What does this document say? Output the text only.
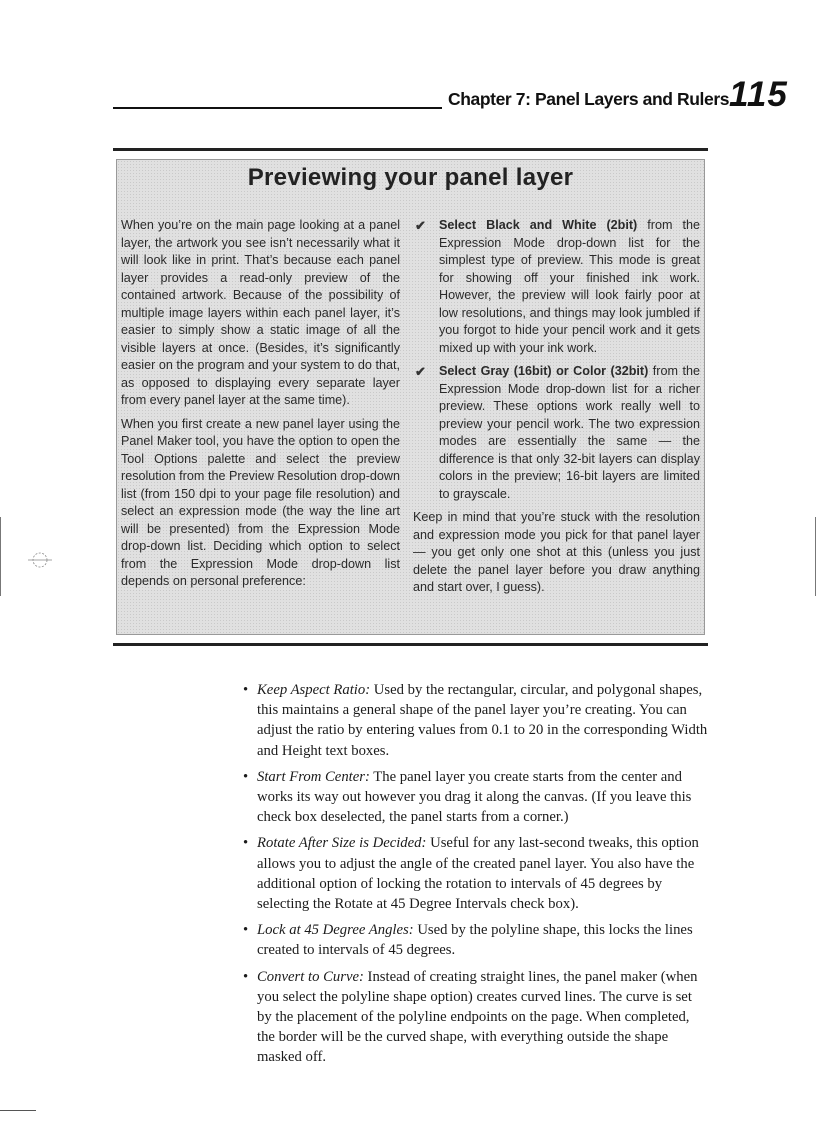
Chapter 7: Panel Layers and Rulers 115
Previewing your panel layer

When you’re on the main page looking at a panel layer, the artwork you see isn’t necessarily what it will look like in print. That’s because each panel layer provides a read-only preview of the contained artwork. Because of the possibility of multiple image layers within each panel layer, it’s easier to simply show a static image of all the visible layers at once. (Besides, it’s significantly easier on the program and your system to do that, as opposed to displaying every separate layer from every panel layer at the same time).

When you first create a new panel layer using the Panel Maker tool, you have the option to open the Tool Options palette and select the preview resolution from the Preview Resolution drop-down list (from 150 dpi to your page file resolution) and select an expression mode (the way the line art will be presented) from the Expression Mode drop-down list. Deciding which option to select from the Expression Mode drop-down list depends on personal preference:

✔ Select Black and White (2bit) from the Expression Mode drop-down list for the simplest type of preview. This mode is great for showing off your finished ink work. However, the preview will look fairly poor at low resolutions, and things may look jumbled if you forgot to hide your pencil work and it gets mixed up with your ink work.
✔ Select Gray (16bit) or Color (32bit) from the Expression Mode drop-down list for a richer preview. These options work really well to preview your pencil work. The two expression modes are essentially the same — the difference is that only 32-bit layers can display colors in the preview; 16-bit layers are limited to grayscale.

Keep in mind that you’re stuck with the resolution and expression mode you pick for that panel layer — you get only one shot at this (unless you just delete the panel layer before you draw anything and start over, I guess).

• Keep Aspect Ratio: Used by the rectangular, circular, and polygonal shapes, this maintains a general shape of the panel layer you’re creating. You can adjust the ratio by entering values from 0.1 to 20 in the corresponding Width and Height text boxes.
• Start From Center: The panel layer you create starts from the center and works its way out however you drag it along the canvas. (If you leave this check box deselected, the panel starts from a corner.)
• Rotate After Size is Decided: Useful for any last-second tweaks, this option allows you to adjust the angle of the created panel layer. You also have the additional option of locking the rotation to intervals of 45 degrees by selecting the Rotate at 45 Degree Intervals check box).
• Lock at 45 Degree Angles: Used by the polyline shape, this locks the lines created to intervals of 45 degrees.
• Convert to Curve: Instead of creating straight lines, the panel maker (when you select the polyline shape option) creates curved lines. The curve is set by the placement of the polyline endpoints on the page. When completed, the border will be the curved shape, with everything outside the shape masked off.
